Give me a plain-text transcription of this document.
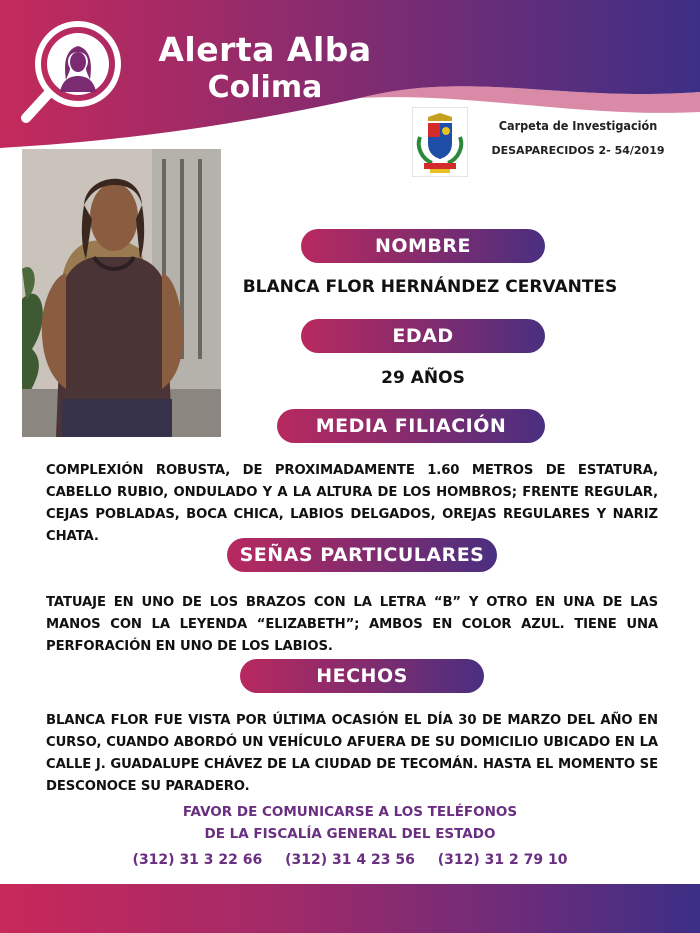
Alerta Alba
Colima
Carpeta de Investigación
DESAPARECIDOS 2- 54/2019
NOMBRE
BLANCA FLOR HERNÁNDEZ CERVANTES
EDAD
29 AÑOS
MEDIA FILIACIÓN
COMPLEXIÓN ROBUSTA, DE PROXIMADAMENTE 1.60 METROS DE ESTATURA, CABELLO RUBIO, ONDULADO Y A LA ALTURA DE LOS HOMBROS; FRENTE REGULAR, CEJAS POBLADAS, BOCA CHICA, LABIOS DELGADOS, OREJAS REGULARES Y NARIZ CHATA.
SEÑAS PARTICULARES
TATUAJE EN UNO DE LOS BRAZOS CON LA LETRA “B” Y OTRO EN UNA DE LAS MANOS CON LA LEYENDA “ELIZABETH”; AMBOS EN COLOR AZUL. TIENE UNA PERFORACIÓN EN UNO DE LOS LABIOS.
HECHOS
BLANCA FLOR FUE VISTA POR ÚLTIMA OCASIÓN EL DÍA 30 DE MARZO DEL AÑO EN CURSO, CUANDO ABORDÓ UN VEHÍCULO AFUERA DE SU DOMICILIO UBICADO EN LA CALLE J. GUADALUPE CHÁVEZ DE LA CIUDAD DE TECOMÁN. HASTA EL MOMENTO SE DESCONOCE SU PARADERO.
FAVOR DE COMUNICARSE A LOS TELÉFONOS
DE LA FISCALÍA GENERAL DEL ESTADO
(312) 31 3 22 66 (312) 31 4 23 56 (312) 31 2 79 10
